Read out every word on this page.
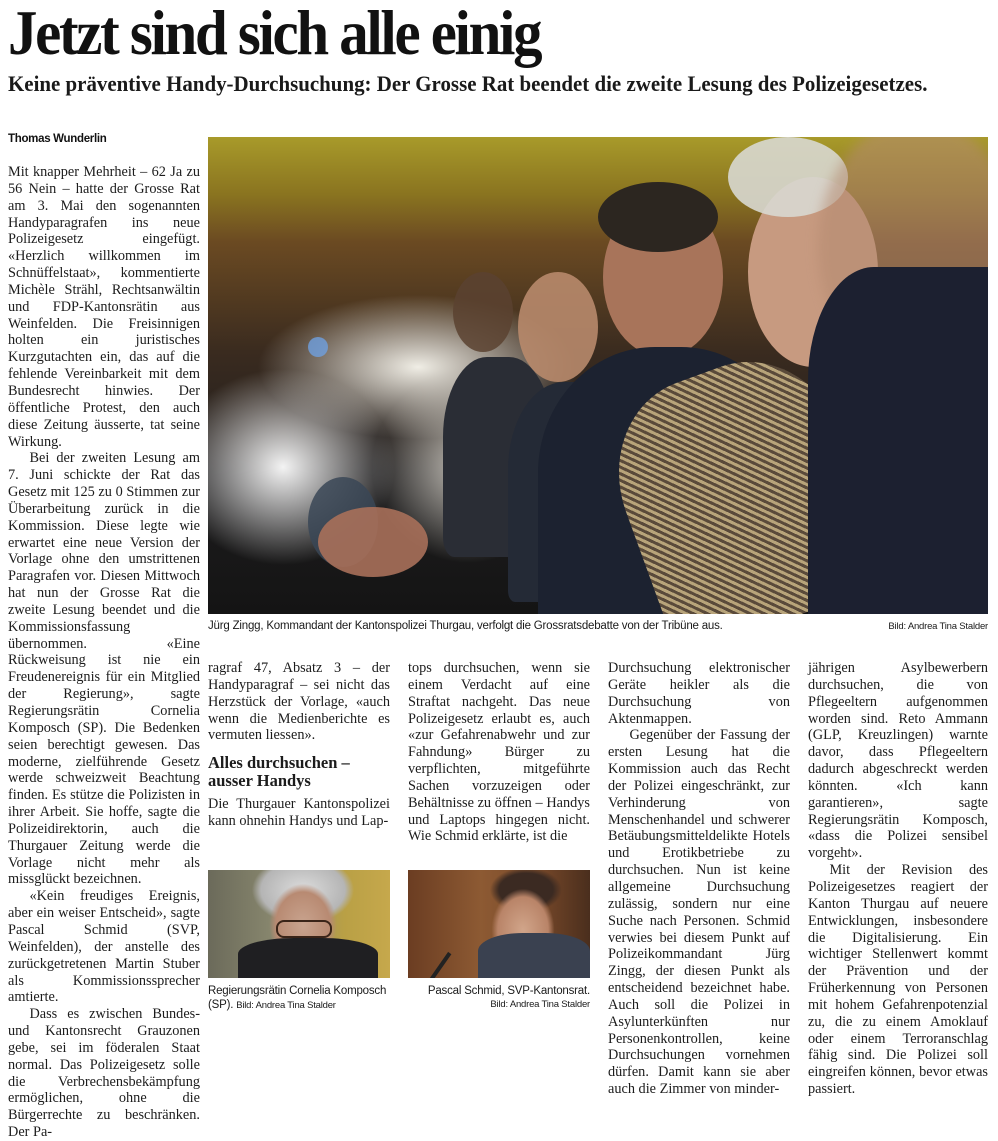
Jetzt sind sich alle einig
Keine präventive Handy-Durchsuchung: Der Grosse Rat beendet die zweite Lesung des Polizeigesetzes.
Thomas Wunderlin

Mit knapper Mehrheit – 62 Ja zu 56 Nein – hatte der Grosse Rat am 3. Mai den sogenannten Handyparagrafen ins neue Polizeigesetz eingefügt. «Herzlich willkommen im Schnüffelstaat», kommentierte Michèle Strähl, Rechtsanwältin und FDP-Kantonsrätin aus Weinfelden. Die Freisinnigen holten ein juristisches Kurzgutachten ein, das auf die fehlende Vereinbarkeit mit dem Bundesrecht hinwies. Der öffentliche Protest, den auch diese Zeitung äusserte, tat seine Wirkung.

Bei der zweiten Lesung am 7. Juni schickte der Rat das Gesetz mit 125 zu 0 Stimmen zur Überarbeitung zurück in die Kommission. Diese legte wie erwartet eine neue Version der Vorlage ohne den umstrittenen Paragrafen vor. Diesen Mittwoch hat nun der Grosse Rat die zweite Lesung beendet und die Kommissionsfassung übernommen. «Eine Rückweisung ist nie ein Freudenereignis für ein Mitglied der Regierung», sagte Regierungsrätin Cornelia Komposch (SP). Die Bedenken seien berechtigt gewesen. Das moderne, zielführende Gesetz werde schweizweit Beachtung finden. Es stütze die Polizisten in ihrer Arbeit. Sie hoffe, sagte die Polizeidirektorin, auch die Thurgauer Zeitung werde die Vorlage nicht mehr als missglückt bezeichnen.

«Kein freudiges Ereignis, aber ein weiser Entscheid», sagte Pascal Schmid (SVP, Weinfelden), der anstelle des zurückgetretenen Martin Stuber als Kommissionssprecher amtierte.

Dass es zwischen Bundes- und Kantonsrecht Grauzonen gebe, sei im föderalen Staat normal. Das Polizeigesetz solle die Verbrechensbekämpfung ermöglichen, ohne die Bürgerrechte zu beschränken. Der Pa-

Jürg Zingg, Kommandant der Kantonspolizei Thurgau, verfolgt die Grossratsdebatte von der Tribüne aus.	Bild: Andrea Tina Stalder

ragraf 47, Absatz 3 – der Handyparagraf – sei nicht das Herzstück der Vorlage, «auch wenn die Medienberichte es vermuten liessen».

Alles durchsuchen – ausser Handys

Die Thurgauer Kantonspolizei kann ohnehin Handys und Lap-

tops durchsuchen, wenn sie einem Verdacht auf eine Straftat nachgeht. Das neue Polizeigesetz erlaubt es, auch «zur Gefahrenabwehr und zur Fahndung» Bürger zu verpflichten, mitgeführte Sachen vorzuzeigen oder Behältnisse zu öffnen – Handys und Laptops hingegen nicht. Wie Schmid erklärte, ist die

Durchsuchung elektronischer Geräte heikler als die Durchsuchung von Aktenmappen.

Gegenüber der Fassung der ersten Lesung hat die Kommission auch das Recht der Polizei eingeschränkt, zur Verhinderung von Menschenhandel und schwerer Betäubungsmitteldelikte Hotels und Erotikbetriebe zu durchsuchen. Nun ist keine allgemeine Durchsuchung zulässig, sondern nur eine Suche nach Personen. Schmid verwies bei diesem Punkt auf Polizeikommandant Jürg Zingg, der diesen Punkt als entscheidend bezeichnet habe. Auch soll die Polizei in Asylunterkünften nur Personenkontrollen, keine Durchsuchungen vornehmen dürfen. Damit kann sie aber auch die Zimmer von minder-

jährigen Asylbewerbern durchsuchen, die von Pflegeeltern aufgenommen worden sind. Reto Ammann (GLP, Kreuzlingen) warnte davor, dass Pflegeeltern dadurch abgeschreckt werden könnten. «Ich kann garantieren», sagte Regierungsrätin Komposch, «dass die Polizei sensibel vorgeht».

Mit der Revision des Polizeigesetzes reagiert der Kanton Thurgau auf neuere Entwicklungen, insbesondere die Digitalisierung. Ein wichtiger Stellenwert kommt der Prävention und der Früherkennung von Personen mit hohem Gefahrenpotenzial zu, die zu einem Amoklauf oder einem Terroranschlag fähig sind. Die Polizei soll eingreifen können, bevor etwas passiert.

Regierungsrätin Cornelia Komposch (SP). Bild: Andrea Tina Stalder
Pascal Schmid, SVP-Kantonsrat.
Bild: Andrea Tina Stalder
